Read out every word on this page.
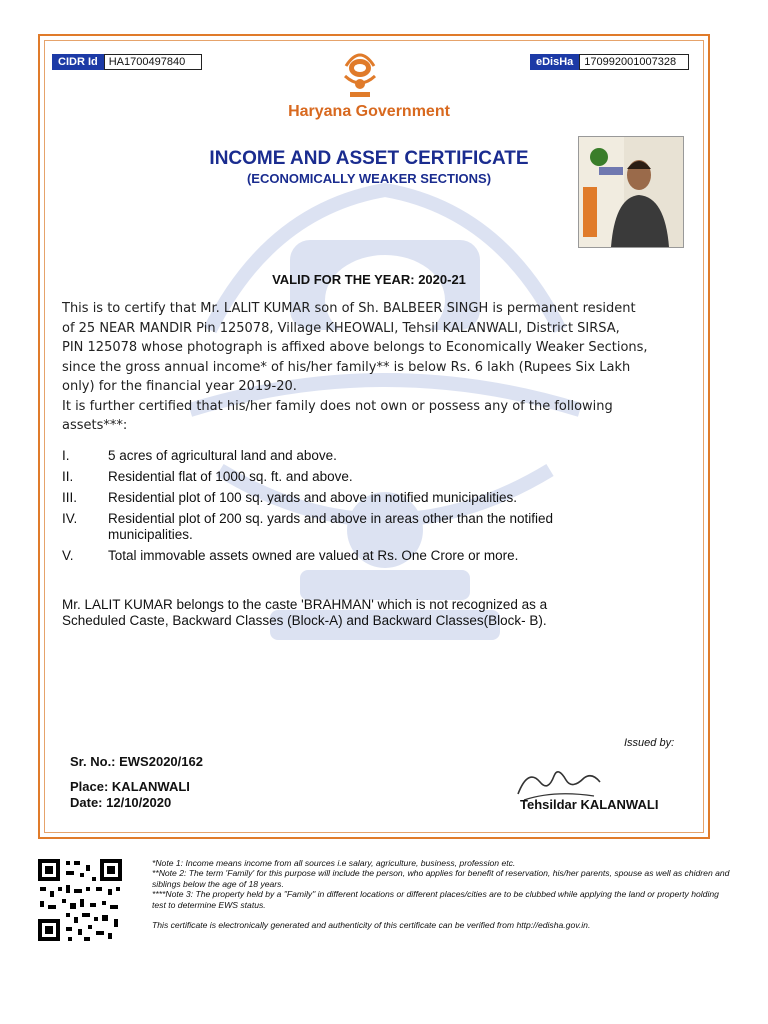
CIDR Id	HA1700497840	eDisHa	170992001007328
Haryana Government
INCOME AND ASSET CERTIFICATE
(ECONOMICALLY WEAKER SECTIONS)
VALID FOR THE YEAR: 2020-21
This is to certify that Mr. LALIT KUMAR son of Sh. BALBEER SINGH is permanent resident
of 25 NEAR MANDIR Pin 125078, Village KHEOWALI, Tehsil KALANWALI, District SIRSA,
PIN 125078 whose photograph is affixed above belongs to Economically Weaker Sections,
since the gross annual income* of his/her family** is below Rs. 6 lakh (Rupees Six Lakh
only) for the financial year 2019-20.
It is further certified that his/her family does not own or possess any of the following
assets***:
I.	5 acres of agricultural land and above.
II.	Residential flat of 1000 sq. ft. and above.
III.	Residential plot of 100 sq. yards and above in notified municipalities.
IV.	Residential plot of 200 sq. yards and above in areas other than the notified municipalities.
V.	Total immovable assets owned are valued at Rs. One Crore or more.
Mr. LALIT KUMAR belongs to the caste 'BRAHMAN' which is not recognized as a
Scheduled Caste, Backward Classes (Block-A) and Backward Classes(Block- B).
Issued by:
Sr. No.: EWS2020/162
Place: KALANWALI
Date: 12/10/2020	Tehsildar KALANWALI

*Note 1: Income means income from all sources i.e salary, agriculture, business, profession etc.

**Note 2: The term 'Family' for this purpose will include the person, who applies for benefit of reservation, his/her parents, spouse as well as chidren and siblings below the age of 18 years.

****Note 3: The property held by a "Family" in different locations or different places/cities are to be clubbed while applying the land or property holding test to determine EWS status.

This certificate is electronically generated and authenticity of this certificate can be verified from http://edisha.gov.in.
